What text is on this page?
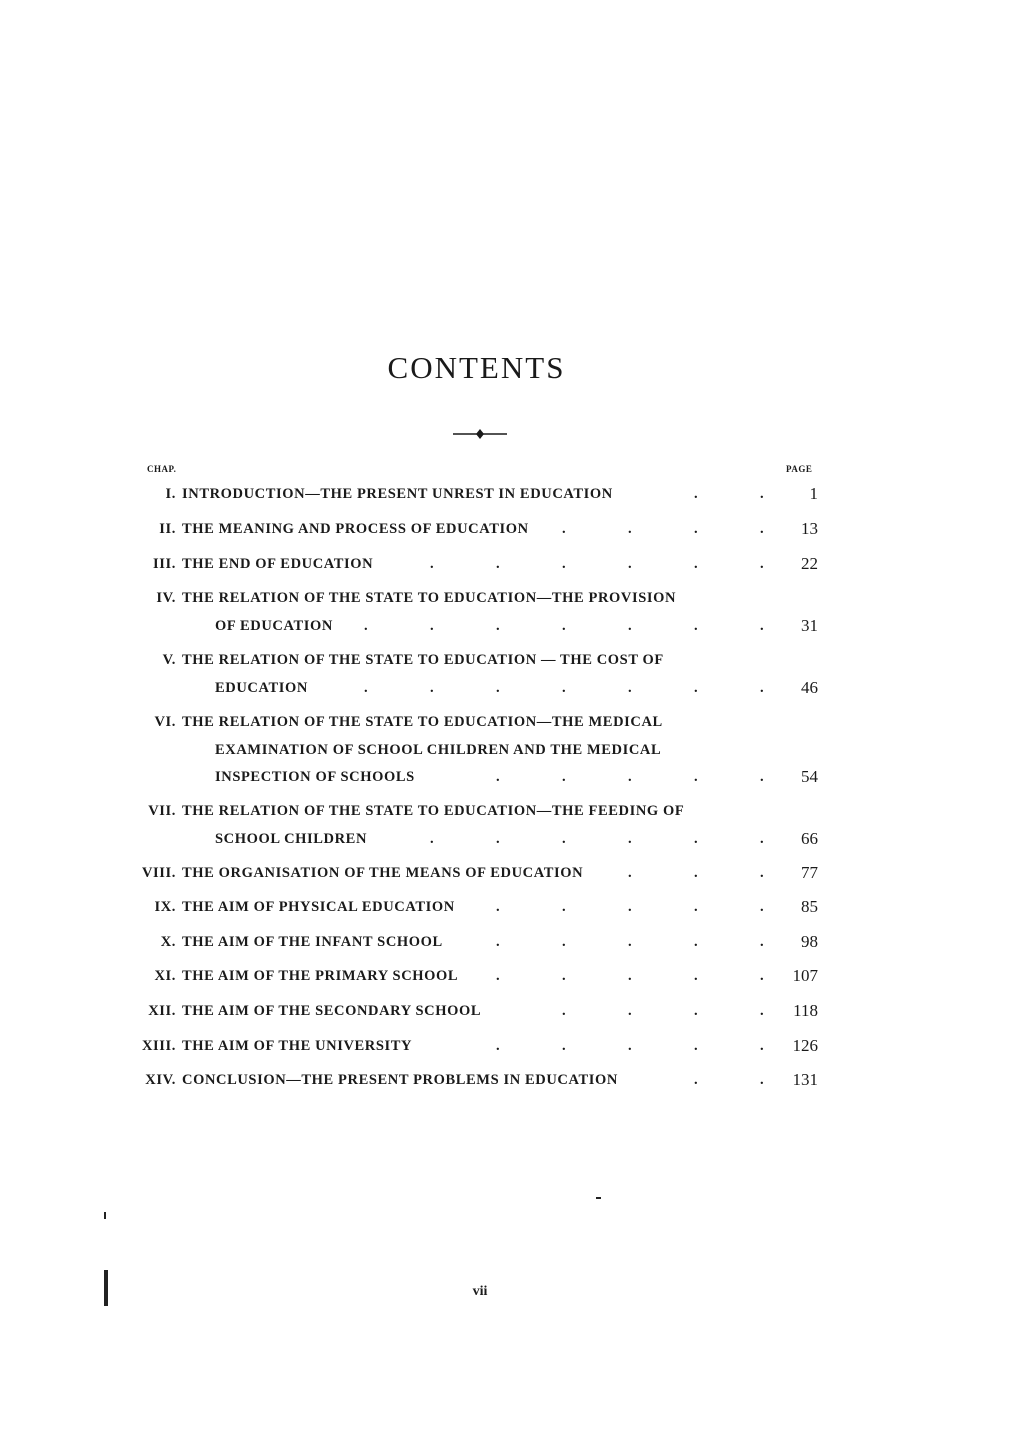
CONTENTS
CHAP.	PAGE
I. INTRODUCTION—THE PRESENT UNREST IN EDUCATION	.	.	1
II. THE MEANING AND PROCESS OF EDUCATION .	.	.	.	13
III. THE END OF EDUCATION	.	.	.	.	.	.	22
IV. THE RELATION OF THE STATE TO EDUCATION—THE PROVISION
OF EDUCATION .	.	.	.	.	.	.	31
V. THE RELATION OF THE STATE TO EDUCATION — THE COST OF
EDUCATION	.	.	.	.	.	.	.	46
VI. THE RELATION OF THE STATE TO EDUCATION—THE MEDICAL
EXAMINATION OF SCHOOL CHILDREN AND THE MEDICAL
INSPECTION OF SCHOOLS	.	.	.	.	.	54
VII. THE RELATION OF THE STATE TO EDUCATION—THE FEEDING OF
SCHOOL CHILDREN	.	.	.	.	.	.	66
VIII. THE ORGANISATION OF THE MEANS OF EDUCATION	.	.	.	77
IX. THE AIM OF PHYSICAL EDUCATION	.	.	.	.	.	85
X. THE AIM OF THE INFANT SCHOOL	.	.	.	.	.	98
XI. THE AIM OF THE PRIMARY SCHOOL	.	.	.	.	.	107
XII. THE AIM OF THE SECONDARY SCHOOL	.	.	.	.	118
XIII. THE AIM OF THE UNIVERSITY	.	.	.	.	.	126
XIV. CONCLUSION—THE PRESENT PROBLEMS IN EDUCATION	.	.	131
vii
